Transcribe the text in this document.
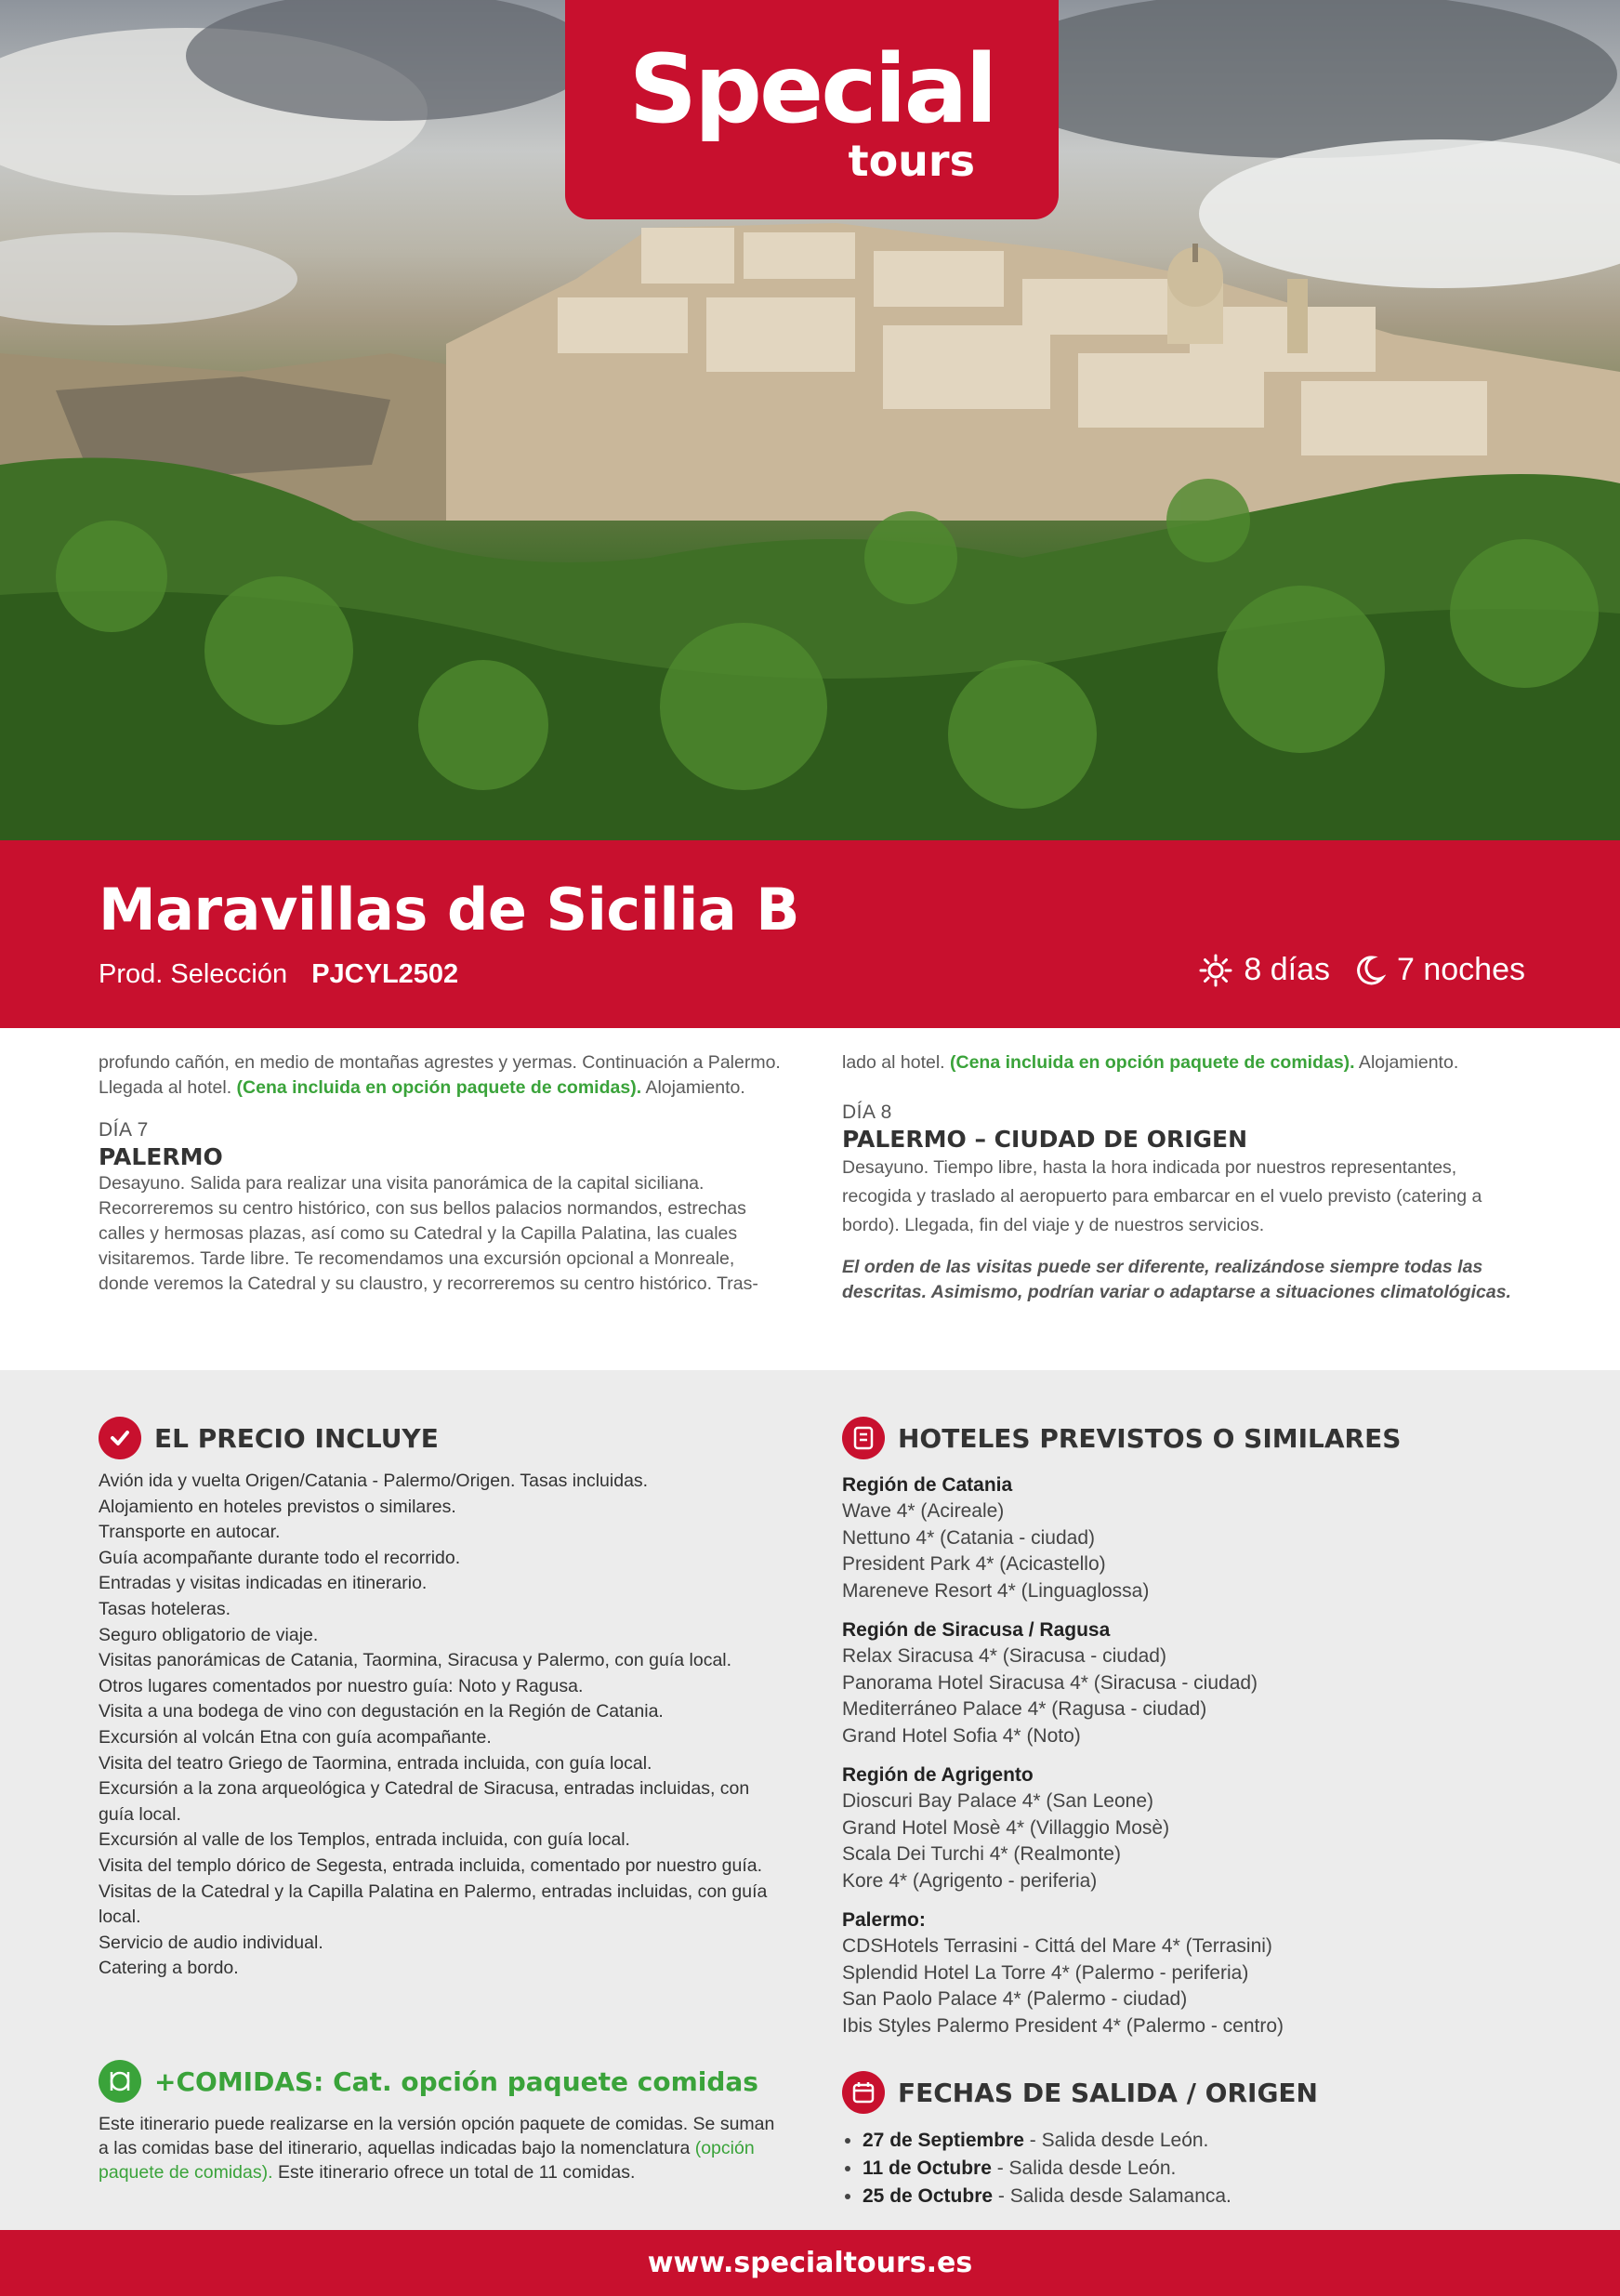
Special
tours
Maravillas de Sicilia B
Prod. Selección PJCYL2502	8 días 7 noches

profundo cañón, en medio de montañas agrestes y yermas. Continuación a Palermo. Llegada al hotel. (Cena incluida en opción paquete de comidas). Alojamiento.

DÍA 7
PALERMO

Desayuno. Salida para realizar una visita panorámica de la capital siciliana. Recorreremos su centro histórico, con sus bellos palacios normandos, estrechas calles y hermosas plazas, así como su Catedral y la Capilla Palatina, las cuales visitaremos. Tarde libre. Te recomendamos una excursión opcional a Monreale, donde veremos la Catedral y su claustro, y recorreremos su centro histórico. Tras-

lado al hotel. (Cena incluida en opción paquete de comidas). Alojamiento.

DÍA 8
PALERMO – CIUDAD DE ORIGEN

Desayuno. Tiempo libre, hasta la hora indicada por nuestros representantes, recogida y traslado al aeropuerto para embarcar en el vuelo previsto (catering a bordo). Llegada, fin del viaje y de nuestros servicios.

El orden de las visitas puede ser diferente, realizándose siempre todas las descritas. Asimismo, podrían variar o adaptarse a situaciones climatológicas.

EL PRECIO INCLUYE
Avión ida y vuelta Origen/Catania - Palermo/Origen. Tasas incluidas.
Alojamiento en hoteles previstos o similares.
Transporte en autocar.
Guía acompañante durante todo el recorrido.
Entradas y visitas indicadas en itinerario.
Tasas hoteleras.
Seguro obligatorio de viaje.
Visitas panorámicas de Catania, Taormina, Siracusa y Palermo, con guía local.
Otros lugares comentados por nuestro guía: Noto y Ragusa.
Visita a una bodega de vino con degustación en la Región de Catania.
Excursión al volcán Etna con guía acompañante.
Visita del teatro Griego de Taormina, entrada incluida, con guía local.
Excursión a la zona arqueológica y Catedral de Siracusa, entradas incluidas, con guía local.
Excursión al valle de los Templos, entrada incluida, con guía local.
Visita del templo dórico de Segesta, entrada incluida, comentado por nuestro guía.
Visitas de la Catedral y la Capilla Palatina en Palermo, entradas incluidas, con guía local.
Servicio de audio individual.
Catering a bordo.
+COMIDAS: Cat. opción paquete comidas

Este itinerario puede realizarse en la versión opción paquete de comidas. Se suman a las comidas base del itinerario, aquellas indicadas bajo la nomenclatura (opción paquete de comidas). Este itinerario ofrece un total de 11 comidas.

HOTELES PREVISTOS O SIMILARES
Región de Catania
Wave 4* (Acireale)
Nettuno 4* (Catania - ciudad)
President Park 4* (Acicastello)
Mareneve Resort 4* (Linguaglossa)
Región de Siracusa / Ragusa
Relax Siracusa 4* (Siracusa - ciudad)
Panorama Hotel Siracusa 4* (Siracusa - ciudad)
Mediterráneo Palace 4* (Ragusa - ciudad)
Grand Hotel Sofia 4* (Noto)
Región de Agrigento
Dioscuri Bay Palace 4* (San Leone)
Grand Hotel Mosè 4* (Villaggio Mosè)
Scala Dei Turchi 4* (Realmonte)
Kore 4* (Agrigento - periferia)
Palermo:
CDSHotels Terrasini - Cittá del Mare 4* (Terrasini)
Splendid Hotel La Torre 4* (Palermo - periferia)
San Paolo Palace 4* (Palermo - ciudad)
Ibis Styles Palermo President 4* (Palermo - centro)
FECHAS DE SALIDA / ORIGEN
• 27 de Septiembre - Salida desde León.
• 11 de Octubre - Salida desde León.
• 25 de Octubre - Salida desde Salamanca.
www.specialtours.es
